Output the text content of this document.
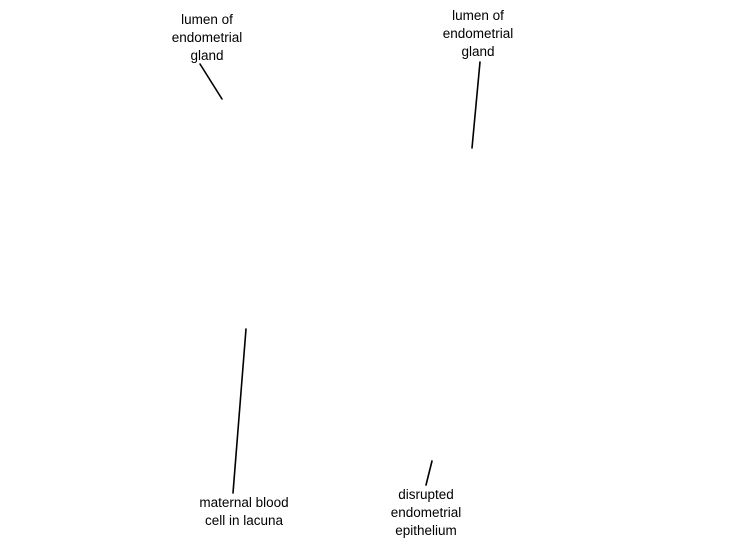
lumen of
endometrial
gland
lumen of
endometrial
gland
maternal blood
cell in lacuna
disrupted
endometrial
epithelium
